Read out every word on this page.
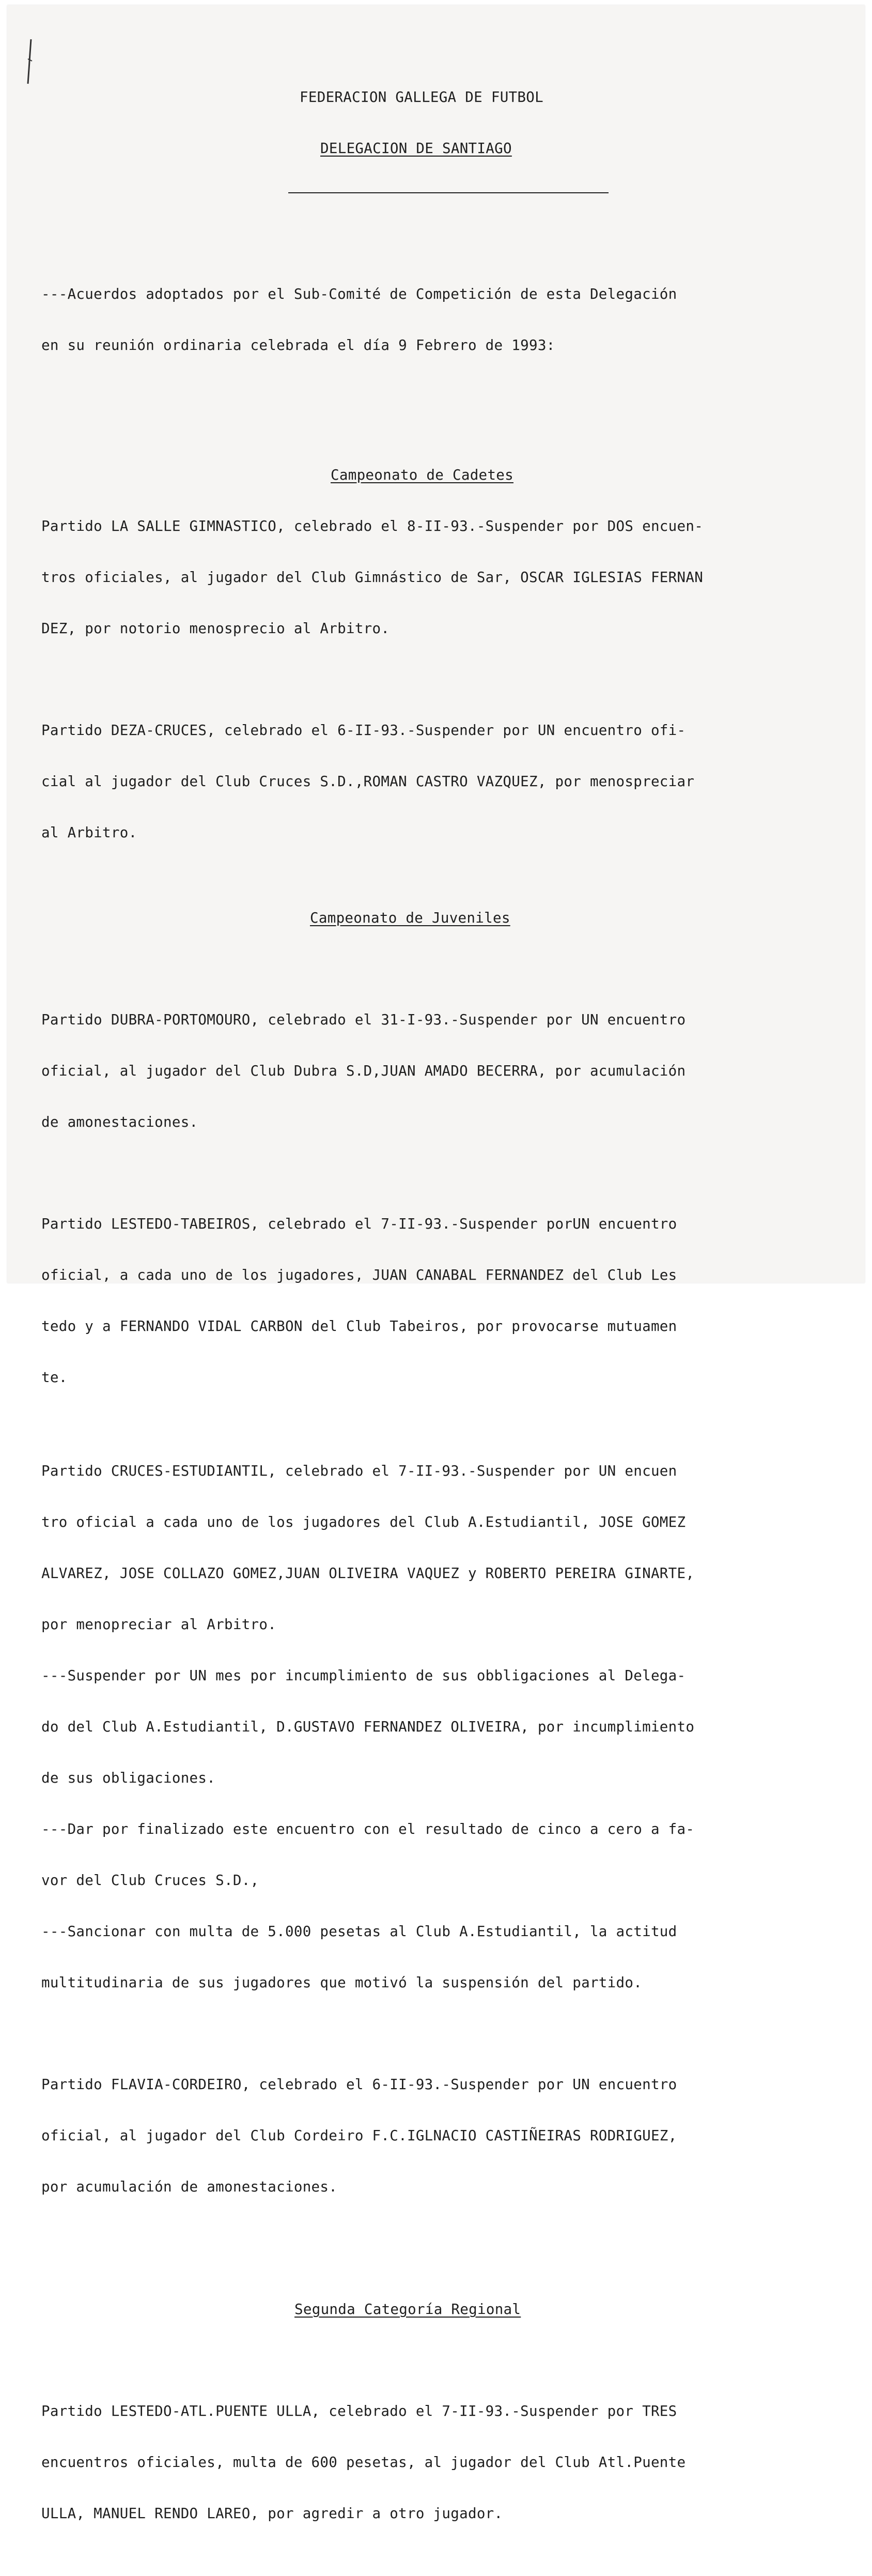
FEDERACION GALLEGA DE FUTBOL

DELEGACION DE SANTIAGO

---Acuerdos adoptados por el Sub-Comité de Competición de esta Delegación

en su reunión ordinaria celebrada el día 9 Febrero de 1993:

Campeonato de Cadetes

Partido LA SALLE GIMNASTICO, celebrado el 8-II-93.-Suspender por DOS encuen-

tros oficiales, al jugador del Club Gimnástico de Sar, OSCAR IGLESIAS FERNAN

DEZ, por notorio menosprecio al Arbitro.

Partido DEZA-CRUCES, celebrado el 6-II-93.-Suspender por UN encuentro ofi-

cial al jugador del Club Cruces S.D.,ROMAN CASTRO VAZQUEZ, por menospreciar

al Arbitro.

Campeonato de Juveniles

Partido DUBRA-PORTOMOURO, celebrado el 31-I-93.-Suspender por UN encuentro

oficial, al jugador del Club Dubra S.D,JUAN AMADO BECERRA, por acumulación

de amonestaciones.

Partido LESTEDO-TABEIROS, celebrado el 7-II-93.-Suspender porUN encuentro

oficial, a cada uno de los jugadores, JUAN CANABAL FERNANDEZ del Club Les

tedo y a FERNANDO VIDAL CARBON del Club Tabeiros, por provocarse mutuamen

te.

Partido CRUCES-ESTUDIANTIL, celebrado el 7-II-93.-Suspender por UN encuen

tro oficial a cada uno de los jugadores del Club A.Estudiantil, JOSE GOMEZ

ALVAREZ, JOSE COLLAZO GOMEZ,JUAN OLIVEIRA VAQUEZ y ROBERTO PEREIRA GINARTE,

por menopreciar al Arbitro.

---Suspender por UN mes por incumplimiento de sus obbligaciones al Delega-

do del Club A.Estudiantil, D.GUSTAVO FERNANDEZ OLIVEIRA, por incumplimiento

de sus obligaciones.

---Dar por finalizado este encuentro con el resultado de cinco a cero a fa-

vor del Club Cruces S.D.,

---Sancionar con multa de 5.000 pesetas al Club A.Estudiantil, la actitud

multitudinaria de sus jugadores que motivó la suspensión del partido.

Partido FLAVIA-CORDEIRO, celebrado el 6-II-93.-Suspender por UN encuentro

oficial, al jugador del Club Cordeiro F.C.IGLNACIO CASTIÑEIRAS RODRIGUEZ,

por acumulación de amonestaciones.

Segunda Categoría Regional

Partido LESTEDO-ATL.PUENTE ULLA, celebrado el 7-II-93.-Suspender por TRES

encuentros oficiales, multa de 600 pesetas, al jugador del Club Atl.Puente

ULLA, MANUEL RENDO LAREO, por agredir a otro jugador.
